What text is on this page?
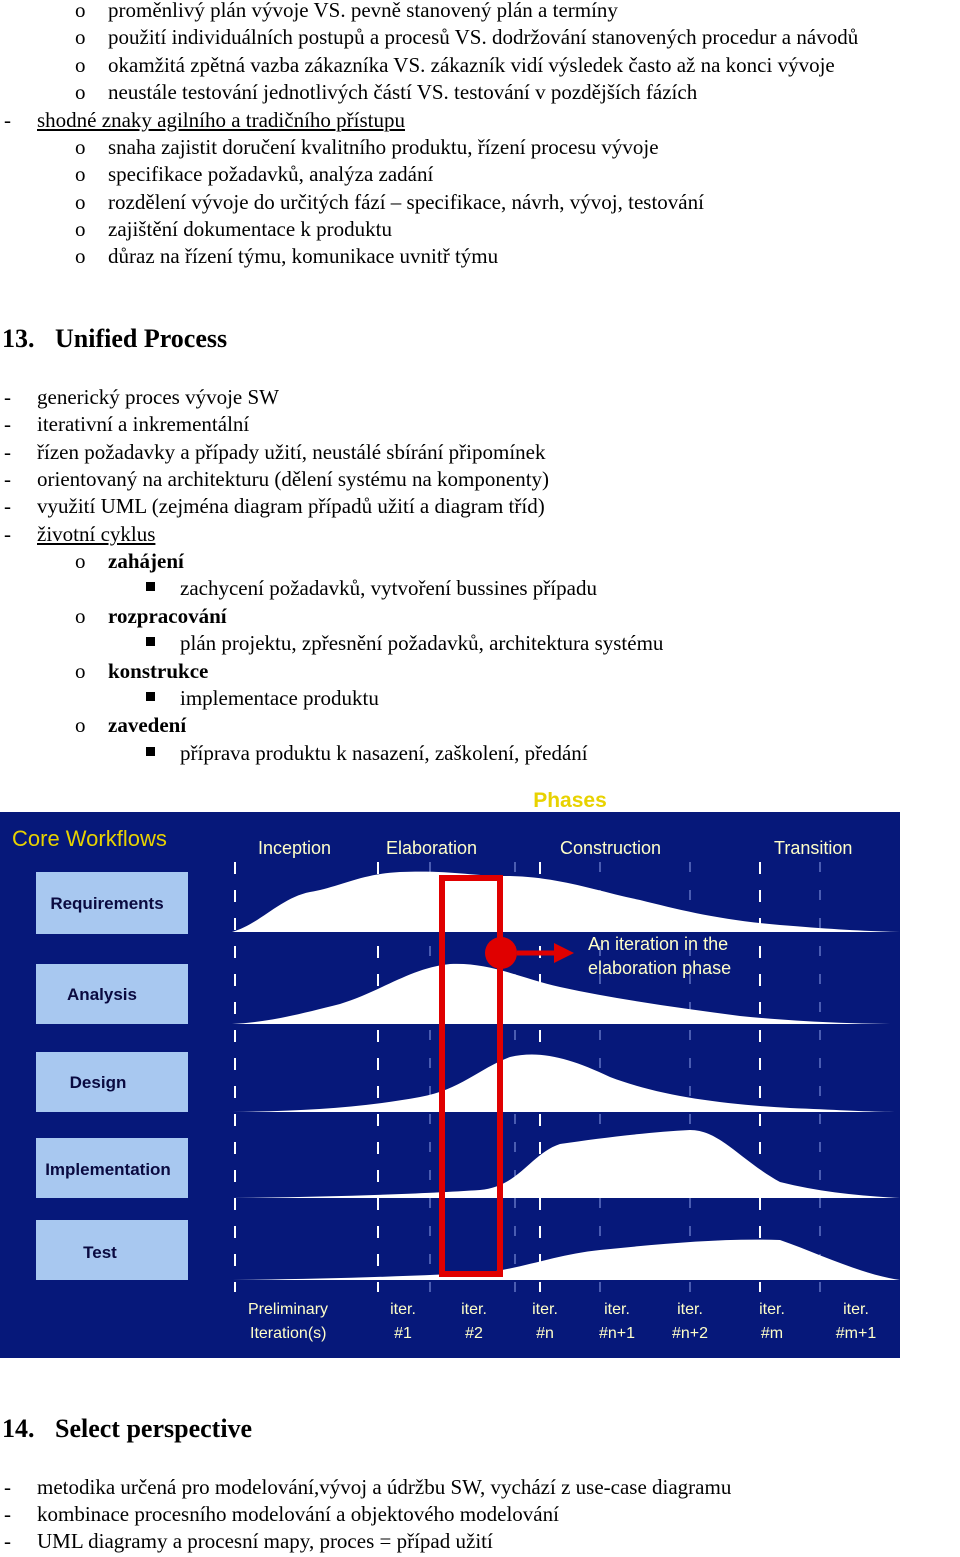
o proměnlivý plán vývoje VS. pevně stanovený plán a termíny
o použití individuálních postupů a procesů VS. dodržování stanovených procedur a návodů
o okamžitá zpětná vazba zákazníka VS. zákazník vidí výsledek často až na konci vývoje
o neustále testování jednotlivých částí VS. testování v pozdějších fázích
- shodné znaky agilního a tradičního přístupu
o snaha zajistit doručení kvalitního produktu, řízení procesu vývoje
o specifikace požadavků, analýza zadání
o rozdělení vývoje do určitých fází – specifikace, návrh, vývoj, testování
o zajištění dokumentace k produktu
o důraz na řízení týmu, komunikace uvnitř týmu
13. Unified Process
- generický proces vývoje SW
- iterativní a inkrementální
- řízen požadavky a případy užití, neustálé sbírání připomínek
- orientovaný na architekturu (dělení systému na komponenty)
- využití UML (zejména diagram případů užití a diagram tříd)
- životní cyklus
o zahájení
zachycení požadavků, vytvoření bussines případu
o rozpracování
plán projektu, zpřesnění požadavků, architektura systému
o konstrukce
implementace produktu
o zavedení
příprava produktu k nasazení, zaškolení, předání
Phases
Core Workflows	Inception	Elaboration	Construction	Transition
Requirements
Analysis
Design
Implementation
Test
An iteration in the
elaboration phase
Preliminary
Iteration(s)
iter.
#1
iter.
#2
iter.
#n
iter.
#n+1
iter.
#n+2
iter.
#m
iter.
#m+1
14. Select perspective
- metodika určená pro modelování,vývoj a údržbu SW, vychází z use-case diagramu
- kombinace procesního modelování a objektového modelování
- UML diagramy a procesní mapy, proces = případ užití
